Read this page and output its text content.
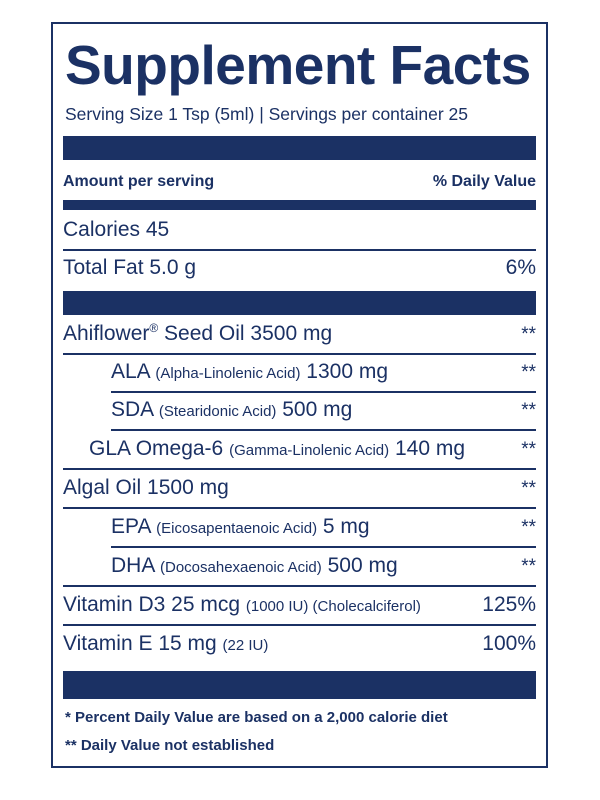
Supplement Facts
Serving Size 1 Tsp (5ml) | Servings per container 25
Amount per serving	% Daily Value
Calories 45
Total Fat 5.0 g	6%
Ahiflower® Seed Oil 3500 mg	**
ALA (Alpha-Linolenic Acid) 1300 mg	**
SDA (Stearidonic Acid) 500 mg	**
GLA Omega-6 (Gamma-Linolenic Acid) 140 mg	**
Algal Oil 1500 mg	**
EPA (Eicosapentaenoic Acid) 5 mg	**
DHA (Docosahexaenoic Acid) 500 mg	**
Vitamin D3 25 mcg (1000 IU) (Cholecalciferol)	125%
Vitamin E 15 mg (22 IU)	100%
* Percent Daily Value are based on a 2,000 calorie diet
** Daily Value not established
